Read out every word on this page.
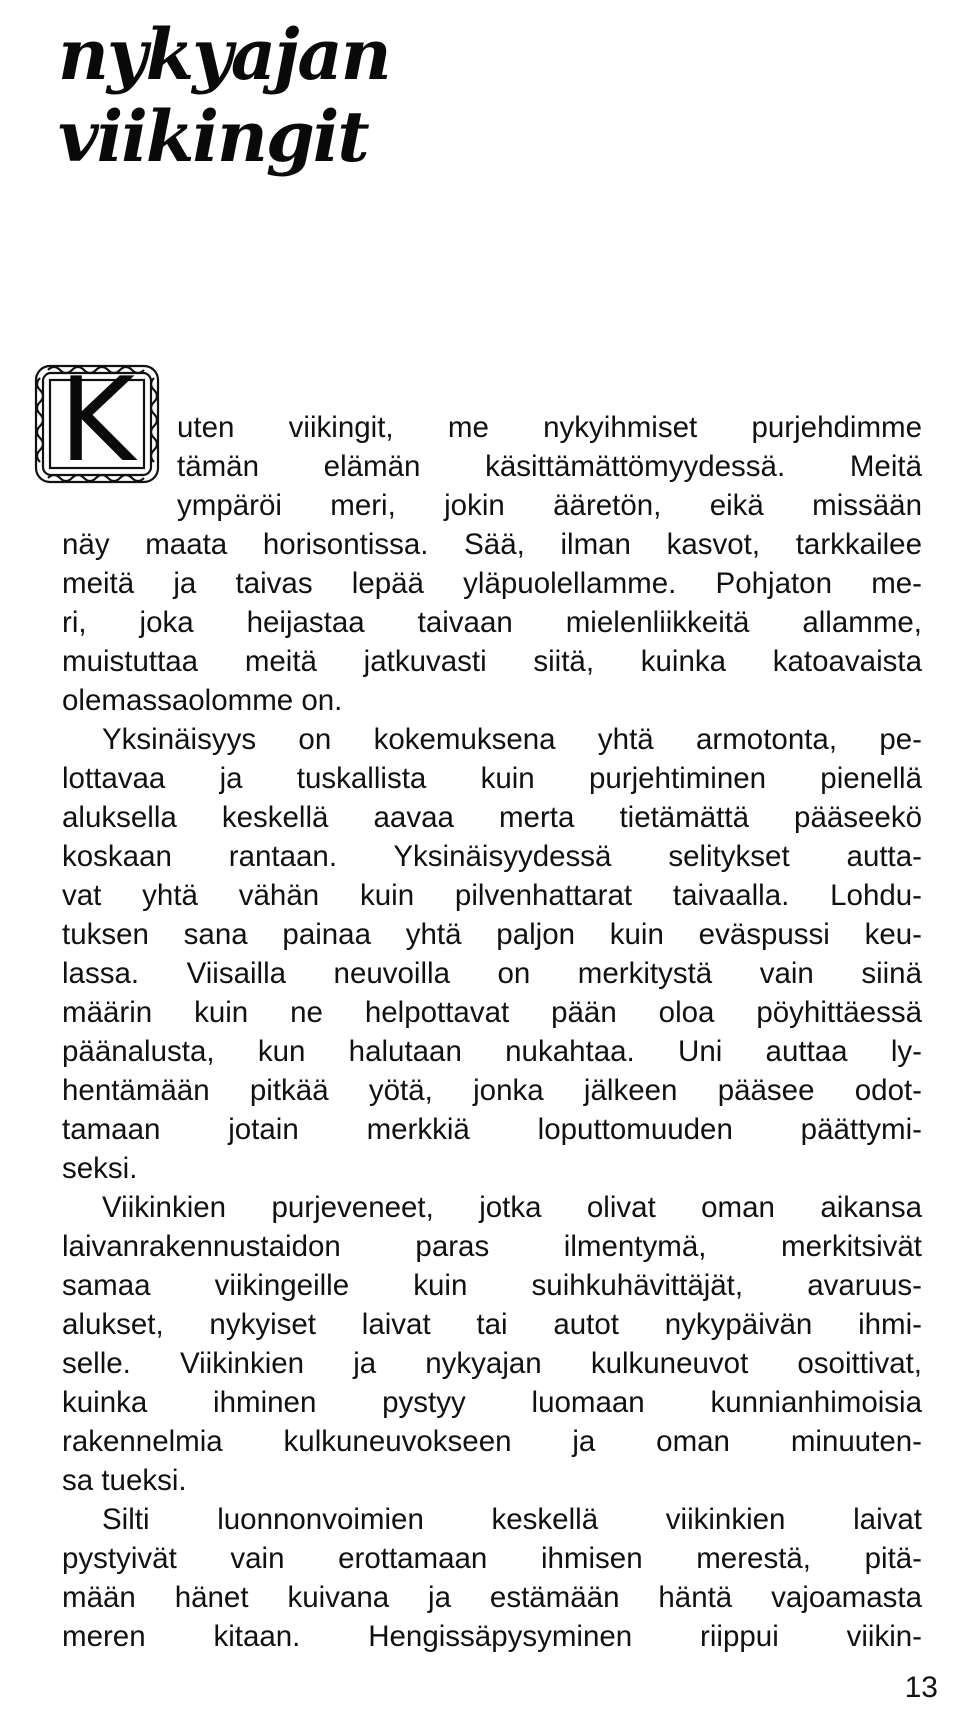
nykyajan
viikingit
K	uten viikingit, me nykyihmiset purjehdimme
tämän elämän käsittämättömyydessä. Meitä
ympäröi meri, jokin ääretön, eikä missään
näy maata horisontissa. Sää, ilman kasvot, tarkkailee
meitä ja taivas lepää yläpuolellamme. Pohjaton me-
ri, joka heijastaa taivaan mielenliikkeitä allamme,
muistuttaa meitä jatkuvasti siitä, kuinka katoavaista
olemassaolomme on.
Yksinäisyys on kokemuksena yhtä armotonta, pe-
lottavaa ja tuskallista kuin purjehtiminen pienellä
aluksella keskellä aavaa merta tietämättä pääseekö
koskaan rantaan. Yksinäisyydessä selitykset autta-
vat yhtä vähän kuin pilvenhattarat taivaalla. Lohdu-
tuksen sana painaa yhtä paljon kuin eväspussi keu-
lassa. Viisailla neuvoilla on merkitystä vain siinä
määrin kuin ne helpottavat pään oloa pöyhittäessä
päänalusta, kun halutaan nukahtaa. Uni auttaa ly-
hentämään pitkää yötä, jonka jälkeen pääsee odot-
tamaan jotain merkkiä loputtomuuden päättymi-
seksi.
Viikinkien purjeveneet, jotka olivat oman aikansa
laivanrakennustaidon paras ilmentymä, merkitsivät
samaa viikingeille kuin suihkuhävittäjät, avaruus-
alukset, nykyiset laivat tai autot nykypäivän ihmi-
selle. Viikinkien ja nykyajan kulkuneuvot osoittivat,
kuinka ihminen pystyy luomaan kunnianhimoisia
rakennelmia kulkuneuvokseen ja oman minuuten-
sa tueksi.
Silti luonnonvoimien keskellä viikinkien laivat
pystyivät vain erottamaan ihmisen merestä, pitä-
mään hänet kuivana ja estämään häntä vajoamasta
meren kitaan. Hengissäpysyminen riippui viikin-
13
